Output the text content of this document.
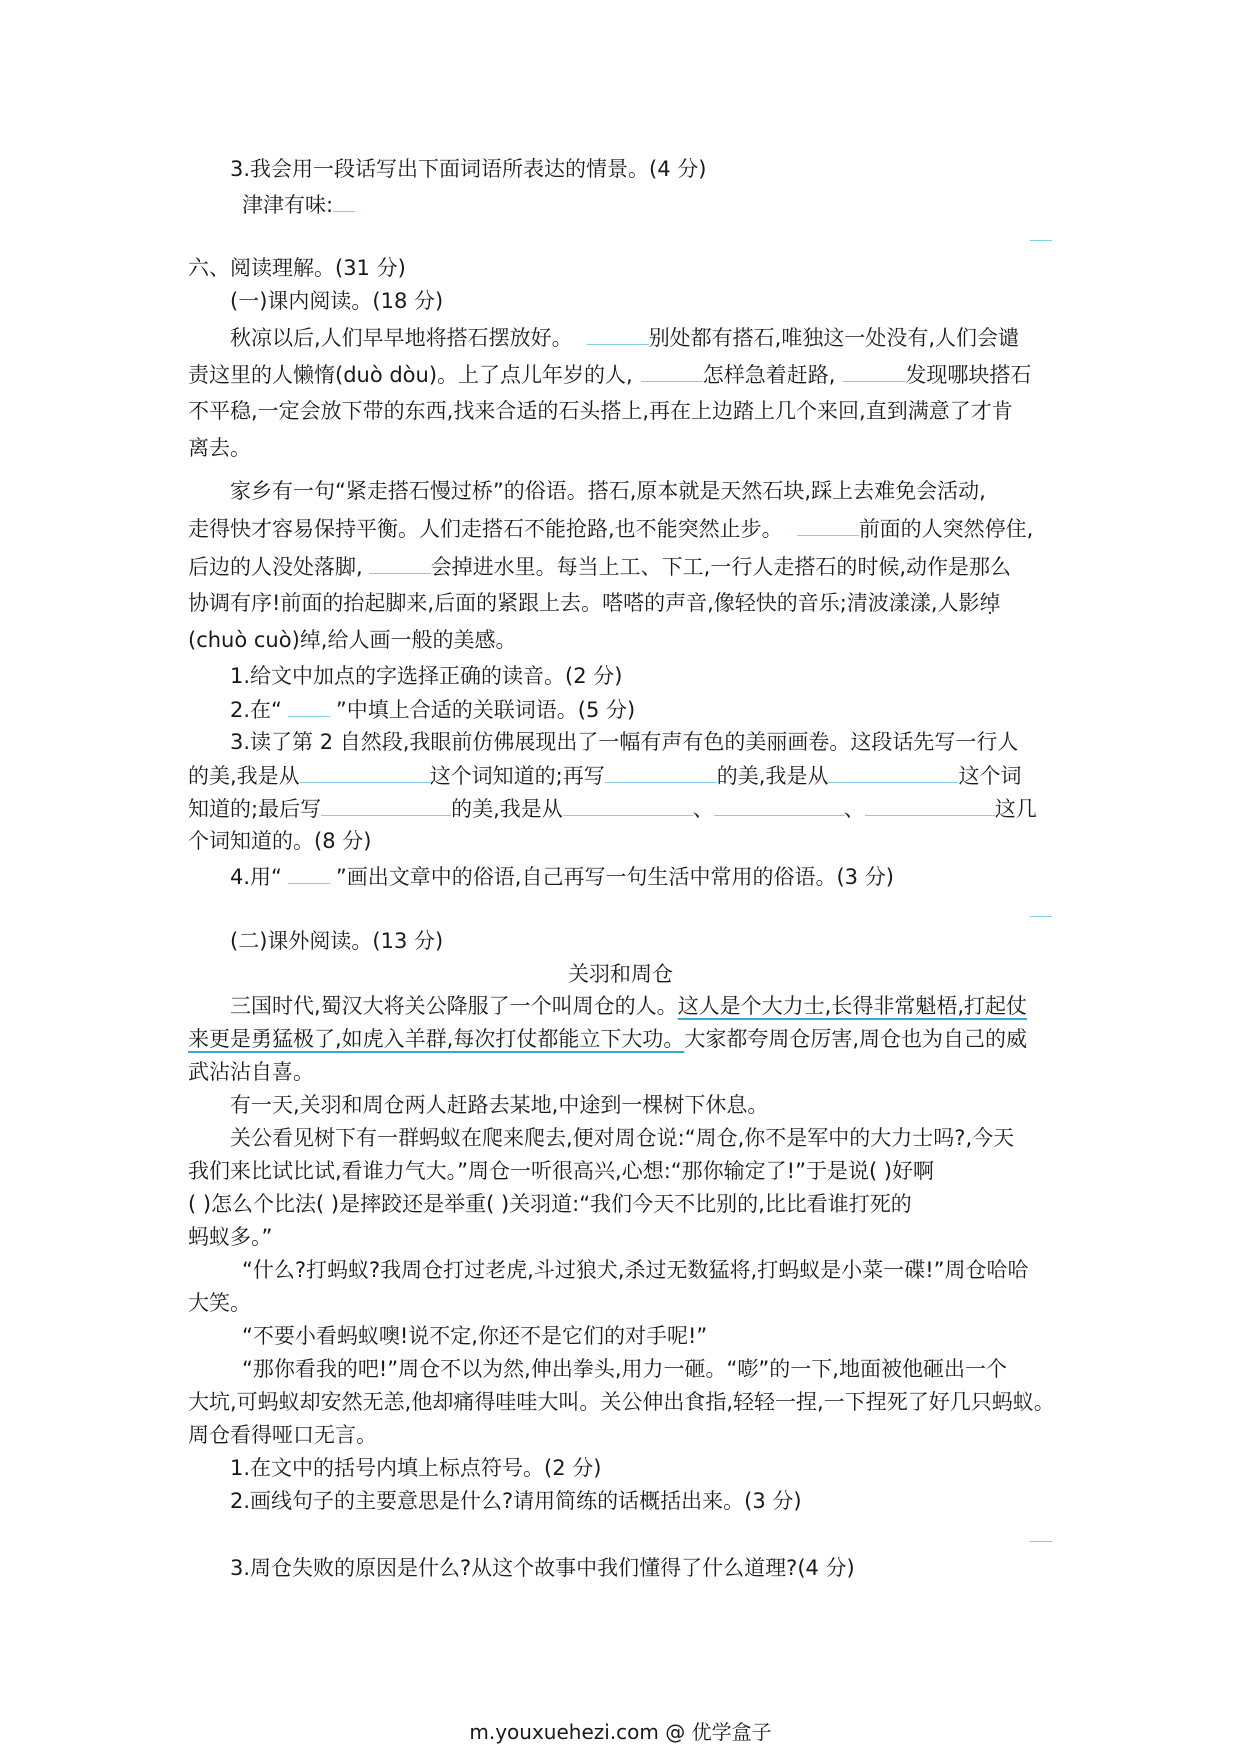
3.我会用一段话写出下面词语所表达的情景。(4 分)
津津有味:
六、阅读理解。(31 分)
(一)课内阅读。(18 分)
秋凉以后,人们早早地将搭石摆放好。	别处都有搭石,唯独这一处没有,人们会谴
责这里的人懒惰(duò dòu)。上了点儿年岁的人,	怎样急着赶路,	发现哪块搭石
不平稳,一定会放下带的东西,找来合适的石头搭上,再在上边踏上几个来回,直到满意了才肯
离去。
家乡有一句“紧走搭石慢过桥”的俗语。搭石,原本就是天然石块,踩上去难免会活动,
走得快才容易保持平衡。人们走搭石不能抢路,也不能突然止步。	前面的人突然停住,
后边的人没处落脚,	会掉进水里。每当上工、下工,一行人走搭石的时候,动作是那么
协调有序!前面的抬起脚来,后面的紧跟上去。嗒嗒的声音,像轻快的音乐;清波漾漾,人影绰
(chuò cuò)绰,给人画一般的美感。
1.给文中加点的字选择正确的读音。(2 分)
2.在“	”中填上合适的关联词语。(5 分)
3.读了第 2 自然段,我眼前仿佛展现出了一幅有声有色的美丽画卷。这段话先写一行人
的美,我是从	这个词知道的;再写	的美,我是从	这个词
知道的;最后写	的美,我是从	、	、	这几
个词知道的。(8 分)
4.用“	”画出文章中的俗语,自己再写一句生活中常用的俗语。(3 分)
(二)课外阅读。(13 分)
关羽和周仓
三国时代,蜀汉大将关公降服了一个叫周仓的人。这人是个大力士,长得非常魁梧,打起仗
来更是勇猛极了,如虎入羊群,每次打仗都能立下大功。大家都夸周仓厉害,周仓也为自己的威
武沾沾自喜。
有一天,关羽和周仓两人赶路去某地,中途到一棵树下休息。
关公看见树下有一群蚂蚁在爬来爬去,便对周仓说:“周仓,你不是军中的大力士吗?,今天
我们来比试比试,看谁力气大。”周仓一听很高兴,心想:“那你输定了!”于是说( )好啊
( )怎么个比法( )是摔跤还是举重( )关羽道:“我们今天不比别的,比比看谁打死的
蚂蚁多。”
“什么?打蚂蚁?我周仓打过老虎,斗过狼犬,杀过无数猛将,打蚂蚁是小菜一碟!”周仓哈哈
大笑。
“不要小看蚂蚁噢!说不定,你还不是它们的对手呢!”
“那你看我的吧!”周仓不以为然,伸出拳头,用力一砸。“嘭”的一下,地面被他砸出一个
大坑,可蚂蚁却安然无恙,他却痛得哇哇大叫。关公伸出食指,轻轻一捏,一下捏死了好几只蚂蚁。
周仓看得哑口无言。
1.在文中的括号内填上标点符号。(2 分)
2.画线句子的主要意思是什么?请用简练的话概括出来。(3 分)
3.周仓失败的原因是什么?从这个故事中我们懂得了什么道理?(4 分)
m.youxuehezi.com @ 优学盒子
